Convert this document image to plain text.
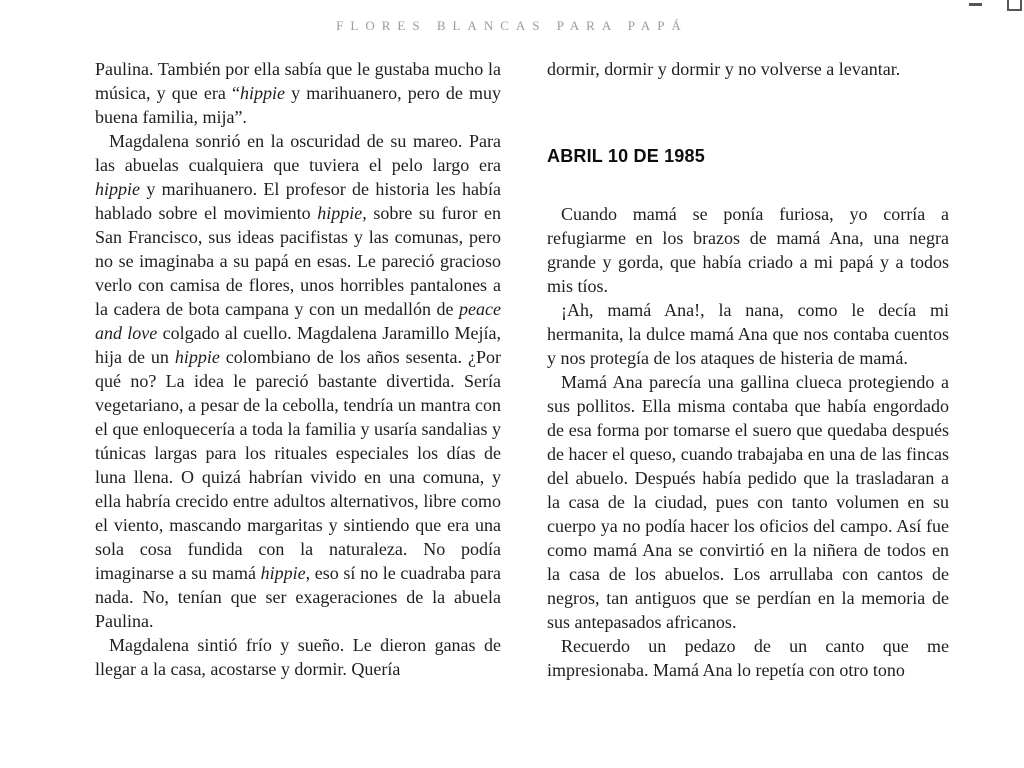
FLORES BLANCAS PARA PAPÁ

Paulina. También por ella sabía que le gustaba mucho la música, y que era “hippie y marihuanero, pero de muy buena familia, mija”.

Magdalena sonrió en la oscuridad de su mareo. Para las abuelas cualquiera que tuviera el pelo largo era hippie y marihuanero. El profesor de historia les había hablado sobre el movimiento hippie, sobre su furor en San Francisco, sus ideas pacifistas y las comunas, pero no se imaginaba a su papá en esas. Le pareció gracioso verlo con camisa de flores, unos horribles pantalones a la cadera de bota campana y con un medallón de peace and love colgado al cuello. Magdalena Jaramillo Mejía, hija de un hippie colombiano de los años sesenta. ¿Por qué no? La idea le pareció bastante divertida. Sería vegetariano, a pesar de la cebolla, tendría un mantra con el que enloquecería a toda la familia y usaría sandalias y túnicas largas para los rituales especiales los días de luna llena. O quizá habrían vivido en una comuna, y ella habría crecido entre adultos alternativos, libre como el viento, mascando margaritas y sintiendo que era una sola cosa fundida con la naturaleza. No podía imaginarse a su mamá hippie, eso sí no le cuadraba para nada. No, tenían que ser exageraciones de la abuela Paulina.

Magdalena sintió frío y sueño. Le dieron ganas de llegar a la casa, acostarse y dormir. Quería

dormir, dormir y dormir y no volverse a levantar.

ABRIL 10 DE 1985

Cuando mamá se ponía furiosa, yo corría a refugiarme en los brazos de mamá Ana, una negra grande y gorda, que había criado a mi papá y a todos mis tíos.

¡Ah, mamá Ana!, la nana, como le decía mi hermanita, la dulce mamá Ana que nos contaba cuentos y nos protegía de los ataques de histeria de mamá.

Mamá Ana parecía una gallina clueca protegiendo a sus pollitos. Ella misma contaba que había engordado de esa forma por tomarse el suero que quedaba después de hacer el queso, cuando trabajaba en una de las fincas del abuelo. Después había pedido que la trasladaran a la casa de la ciudad, pues con tanto volumen en su cuerpo ya no podía hacer los oficios del campo. Así fue como mamá Ana se convirtió en la niñera de todos en la casa de los abuelos. Los arrullaba con cantos de negros, tan antiguos que se perdían en la memoria de sus antepasados africanos.

Recuerdo un pedazo de un canto que me impresionaba. Mamá Ana lo repetía con otro tono
